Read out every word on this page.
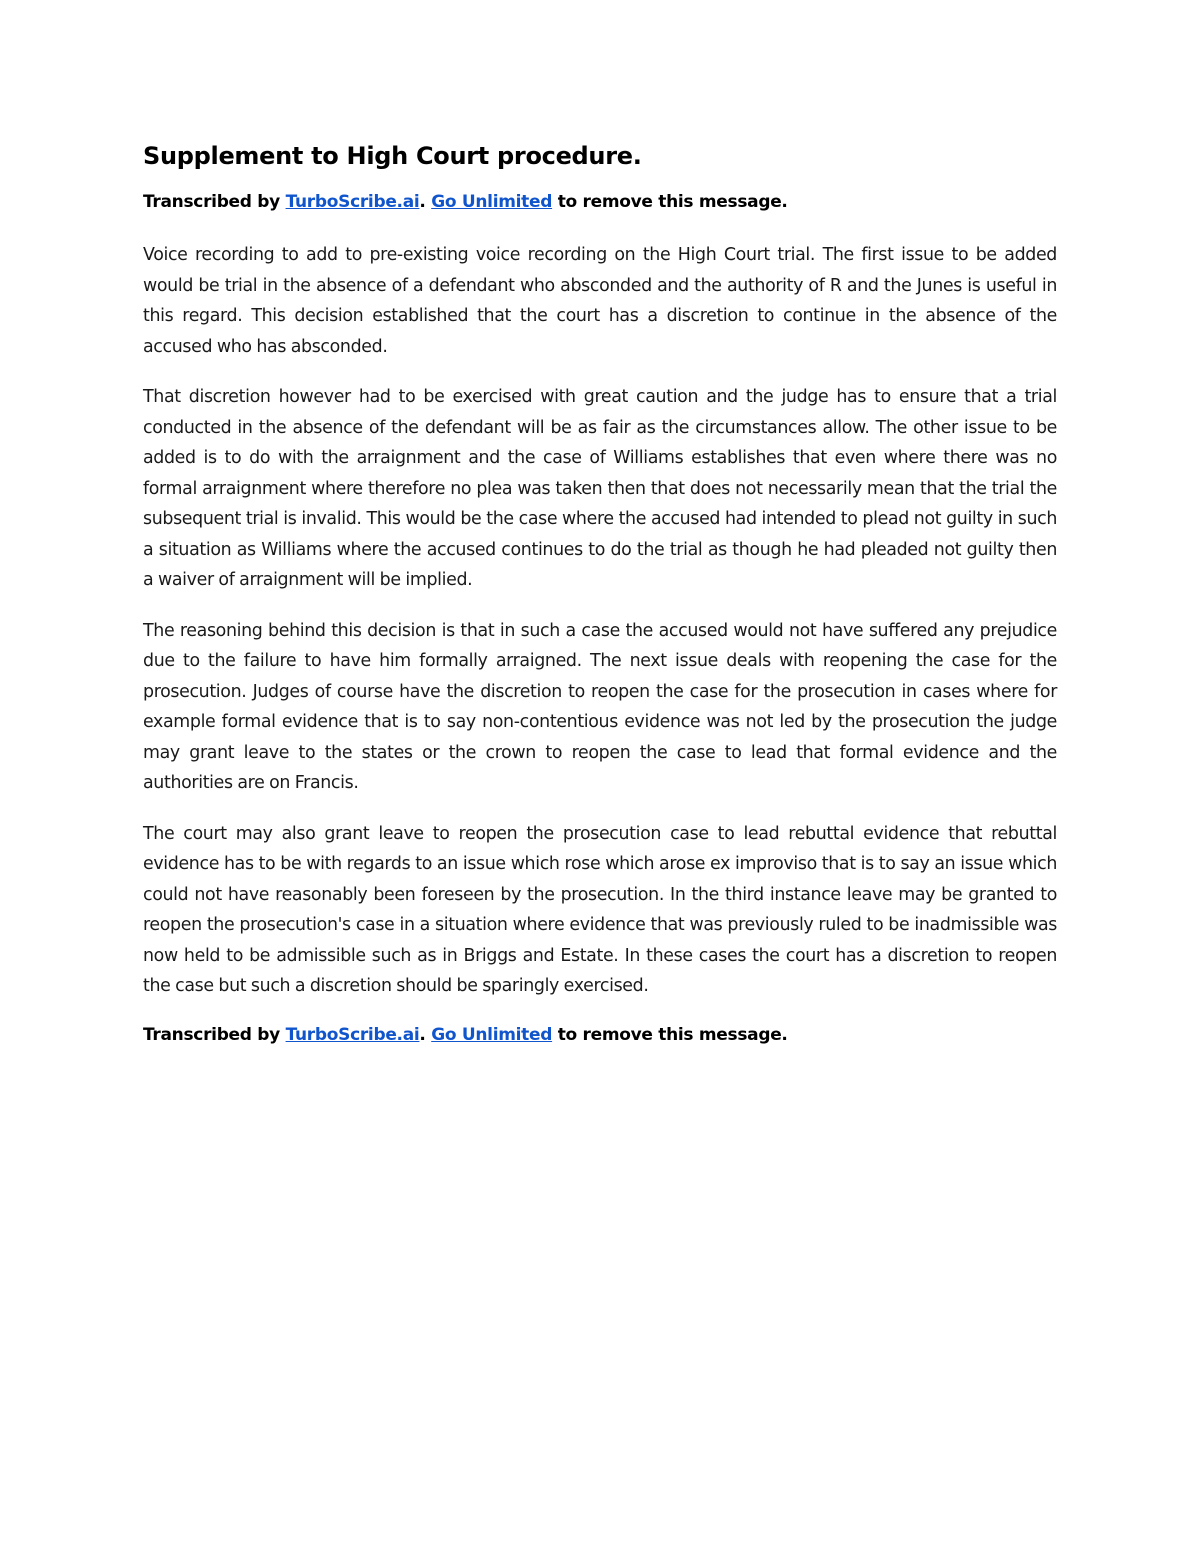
Supplement to High Court procedure.

Transcribed by TurboScribe.ai. Go Unlimited to remove this message.

Voice recording to add to pre-existing voice recording on the High Court trial. The first issue to be added would be trial in the absence of a defendant who absconded and the authority of R and the Junes is useful in this regard. This decision established that the court has a discretion to continue in the absence of the accused who has absconded.

That discretion however had to be exercised with great caution and the judge has to ensure that a trial conducted in the absence of the defendant will be as fair as the circumstances allow. The other issue to be added is to do with the arraignment and the case of Williams establishes that even where there was no formal arraignment where therefore no plea was taken then that does not necessarily mean that the trial the subsequent trial is invalid. This would be the case where the accused had intended to plead not guilty in such a situation as Williams where the accused continues to do the trial as though he had pleaded not guilty then a waiver of arraignment will be implied.

The reasoning behind this decision is that in such a case the accused would not have suffered any prejudice due to the failure to have him formally arraigned. The next issue deals with reopening the case for the prosecution. Judges of course have the discretion to reopen the case for the prosecution in cases where for example formal evidence that is to say non-contentious evidence was not led by the prosecution the judge may grant leave to the states or the crown to reopen the case to lead that formal evidence and the authorities are on Francis.

The court may also grant leave to reopen the prosecution case to lead rebuttal evidence that rebuttal evidence has to be with regards to an issue which rose which arose ex improviso that is to say an issue which could not have reasonably been foreseen by the prosecution. In the third instance leave may be granted to reopen the prosecution's case in a situation where evidence that was previously ruled to be inadmissible was now held to be admissible such as in Briggs and Estate. In these cases the court has a discretion to reopen the case but such a discretion should be sparingly exercised.

Transcribed by TurboScribe.ai. Go Unlimited to remove this message.
